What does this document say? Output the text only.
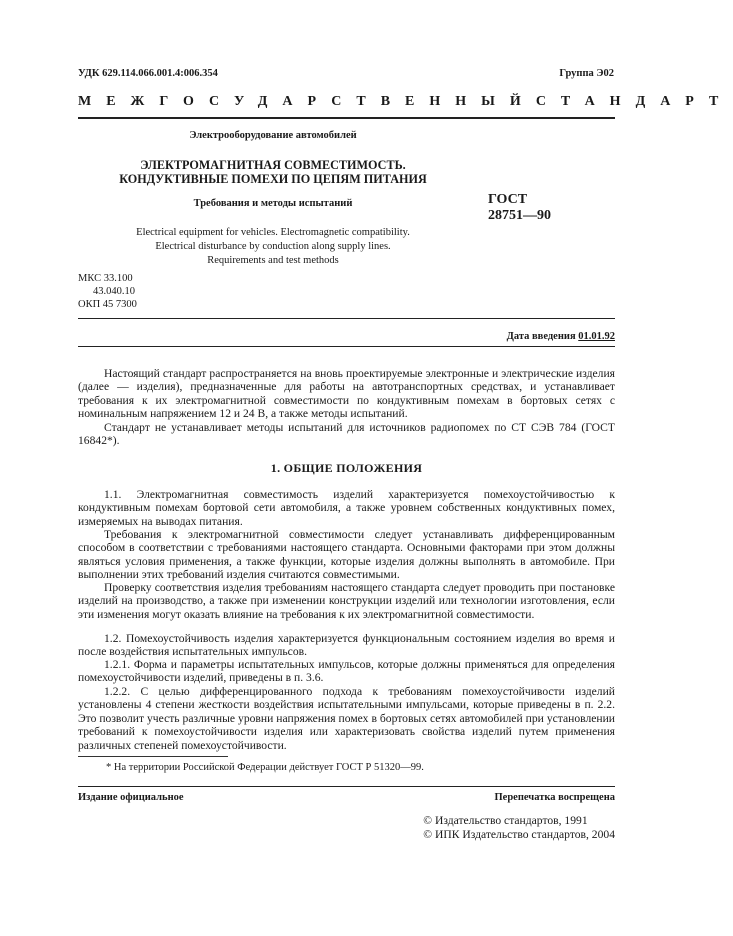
УДК 629.114.066.001.4:006.354	Группа Э02
МЕЖГОСУДАРСТВЕННЫЙ СТАНДАРТ
Электрооборудование автомобилей
ЭЛЕКТРОМАГНИТНАЯ СОВМЕСТИМОСТЬ.
КОНДУКТИВНЫЕ ПОМЕХИ ПО ЦЕПЯМ ПИТАНИЯ
Требования и методы испытаний
Electrical equipment for vehicles. Electromagnetic compatibility.
Electrical disturbance by conduction along supply lines.
Requirements and test methods
ГОСТ
28751—90
МКС 33.100
43.040.10
ОКП 45 7300
Дата введения 01.01.92
Настоящий стандарт распространяется на вновь проектируемые электронные и электрические изделия (далее — изделия), предназначенные для работы на автотранспортных средствах, и устанавливает требования к их электромагнитной совместимости по кондуктивным помехам в бортовых сетях с номинальным напряжением 12 и 24 В, а также методы испытаний.
Стандарт не устанавливает методы испытаний для источников радиопомех по СТ СЭВ 784 (ГОСТ 16842*).
1. ОБЩИЕ ПОЛОЖЕНИЯ
1.1. Электромагнитная совместимость изделий характеризуется помехоустойчивостью к кондуктивным помехам бортовой сети автомобиля, а также уровнем собственных кондуктивных помех, измеряемых на выводах питания.
Требования к электромагнитной совместимости следует устанавливать дифференцированным способом в соответствии с требованиями настоящего стандарта. Основными факторами при этом должны являться условия применения, а также функции, которые изделия должны выполнять в автомобиле. При выполнении этих требований изделия считаются совместимыми.
Проверку соответствия изделия требованиям настоящего стандарта следует проводить при постановке изделий на производство, а также при изменении конструкции изделий или технологии изготовления, если эти изменения могут оказать влияние на требования к их электромагнитной совместимости.
1.2. Помехоустойчивость изделия характеризуется функциональным состоянием изделия во время и после воздействия испытательных импульсов.
1.2.1. Форма и параметры испытательных импульсов, которые должны применяться для определения помехоустойчивости изделий, приведены в п. 3.6.
1.2.2. С целью дифференцированного подхода к требованиям помехоустойчивости изделий установлены 4 степени жесткости воздействия испытательными импульсами, которые приведены в п. 2.2. Это позволит учесть различные уровни напряжения помех в бортовых сетях автомобилей при установлении требований к помехоустойчивости изделия или характеризовать свойства изделий путем применения различных степеней помехоустойчивости.
* На территории Российской Федерации действует ГОСТ Р 51320—99.
Издание официальное	Перепечатка воспрещена
© Издательство стандартов, 1991
© ИПК Издательство стандартов, 2004
